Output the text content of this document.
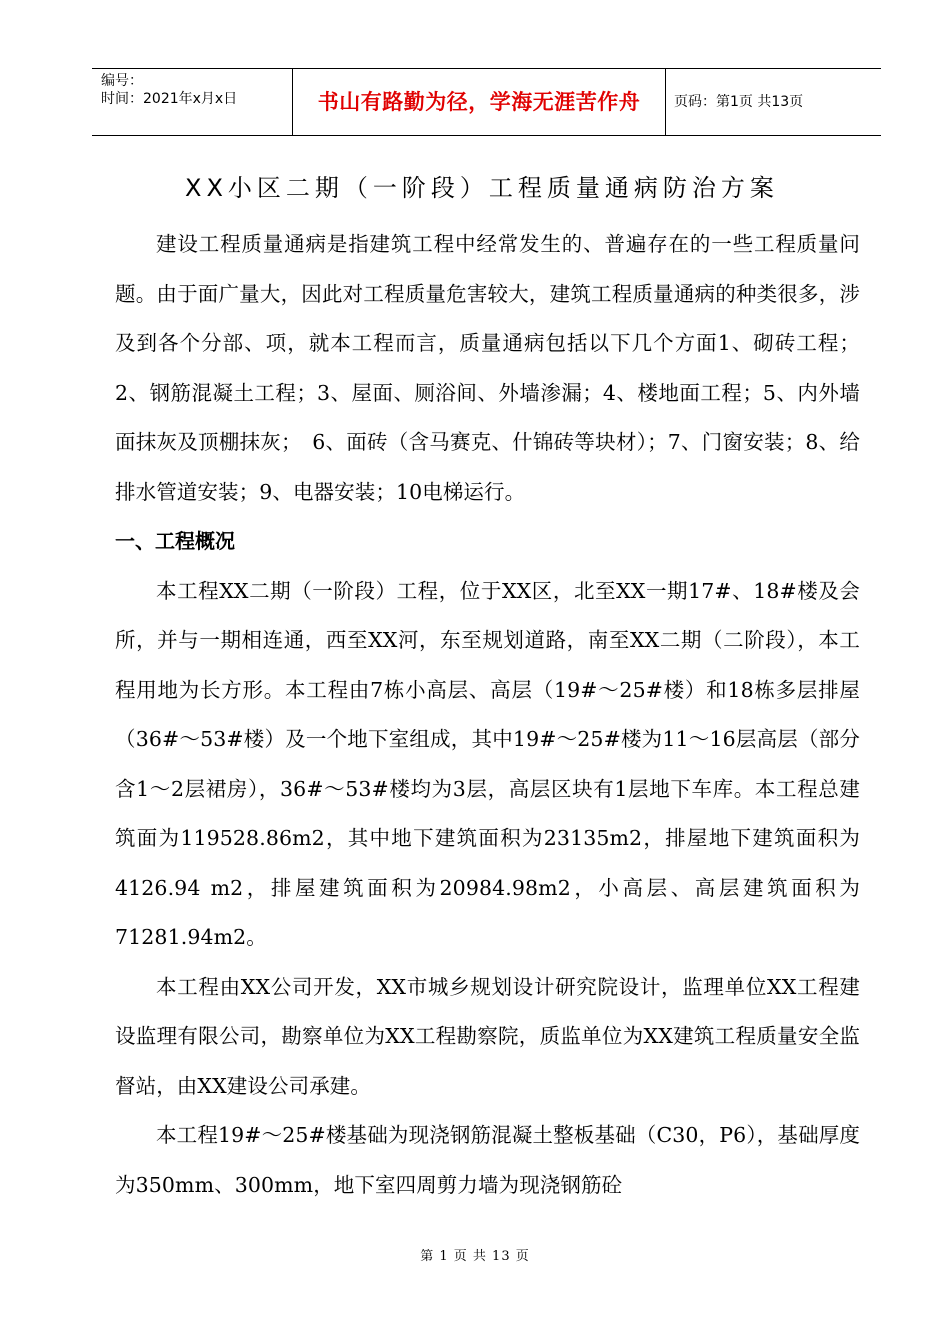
编号：
时间：2021年x月x日	书山有路勤为径，学海无涯苦作舟	页码：第1页 共13页
XX小区二期（一阶段）工程质量通病防治方案

建设工程质量通病是指建筑工程中经常发生的、普遍存在的一些工程质量问题。由于面广量大，因此对工程质量危害较大，建筑工程质量通病的种类很多，涉及到各个分部、项，就本工程而言，质量通病包括以下几个方面1、砌砖工程；2、钢筋混凝土工程；3、屋面、厕浴间、外墙渗漏；4、楼地面工程；5、内外墙面抹灰及顶棚抹灰；　6、面砖（含马赛克、什锦砖等块材）；7、门窗安装；8、给排水管道安装；9、电器安装；10电梯运行。

一、工程概况

本工程XX二期（一阶段）工程，位于XX区，北至XX一期17#、18#楼及会所，并与一期相连通，西至XX河，东至规划道路，南至XX二期（二阶段），本工程用地为长方形。本工程由7栋小高层、高层（19#～25#楼）和18栋多层排屋（36#～53#楼）及一个地下室组成，其中19#～25#楼为11～16层高层（部分含1～2层裙房），36#～53#楼均为3层，高层区块有1层地下车库。本工程总建筑面为119528.86m2，其中地下建筑面积为23135m2，排屋地下建筑面积为4126.94 m2，排屋建筑面积为20984.98m2，小高层、高层建筑面积为71281.94m2。

本工程由XX公司开发，XX市城乡规划设计研究院设计，监理单位XX工程建设监理有限公司，勘察单位为XX工程勘察院，质监单位为XX建筑工程质量安全监督站，由XX建设公司承建。

本工程19#～25#楼基础为现浇钢筋混凝土整板基础（C30，P6），基础厚度为350mm、300mm，地下室四周剪力墙为现浇钢筋砼

第 1 页 共 13 页
